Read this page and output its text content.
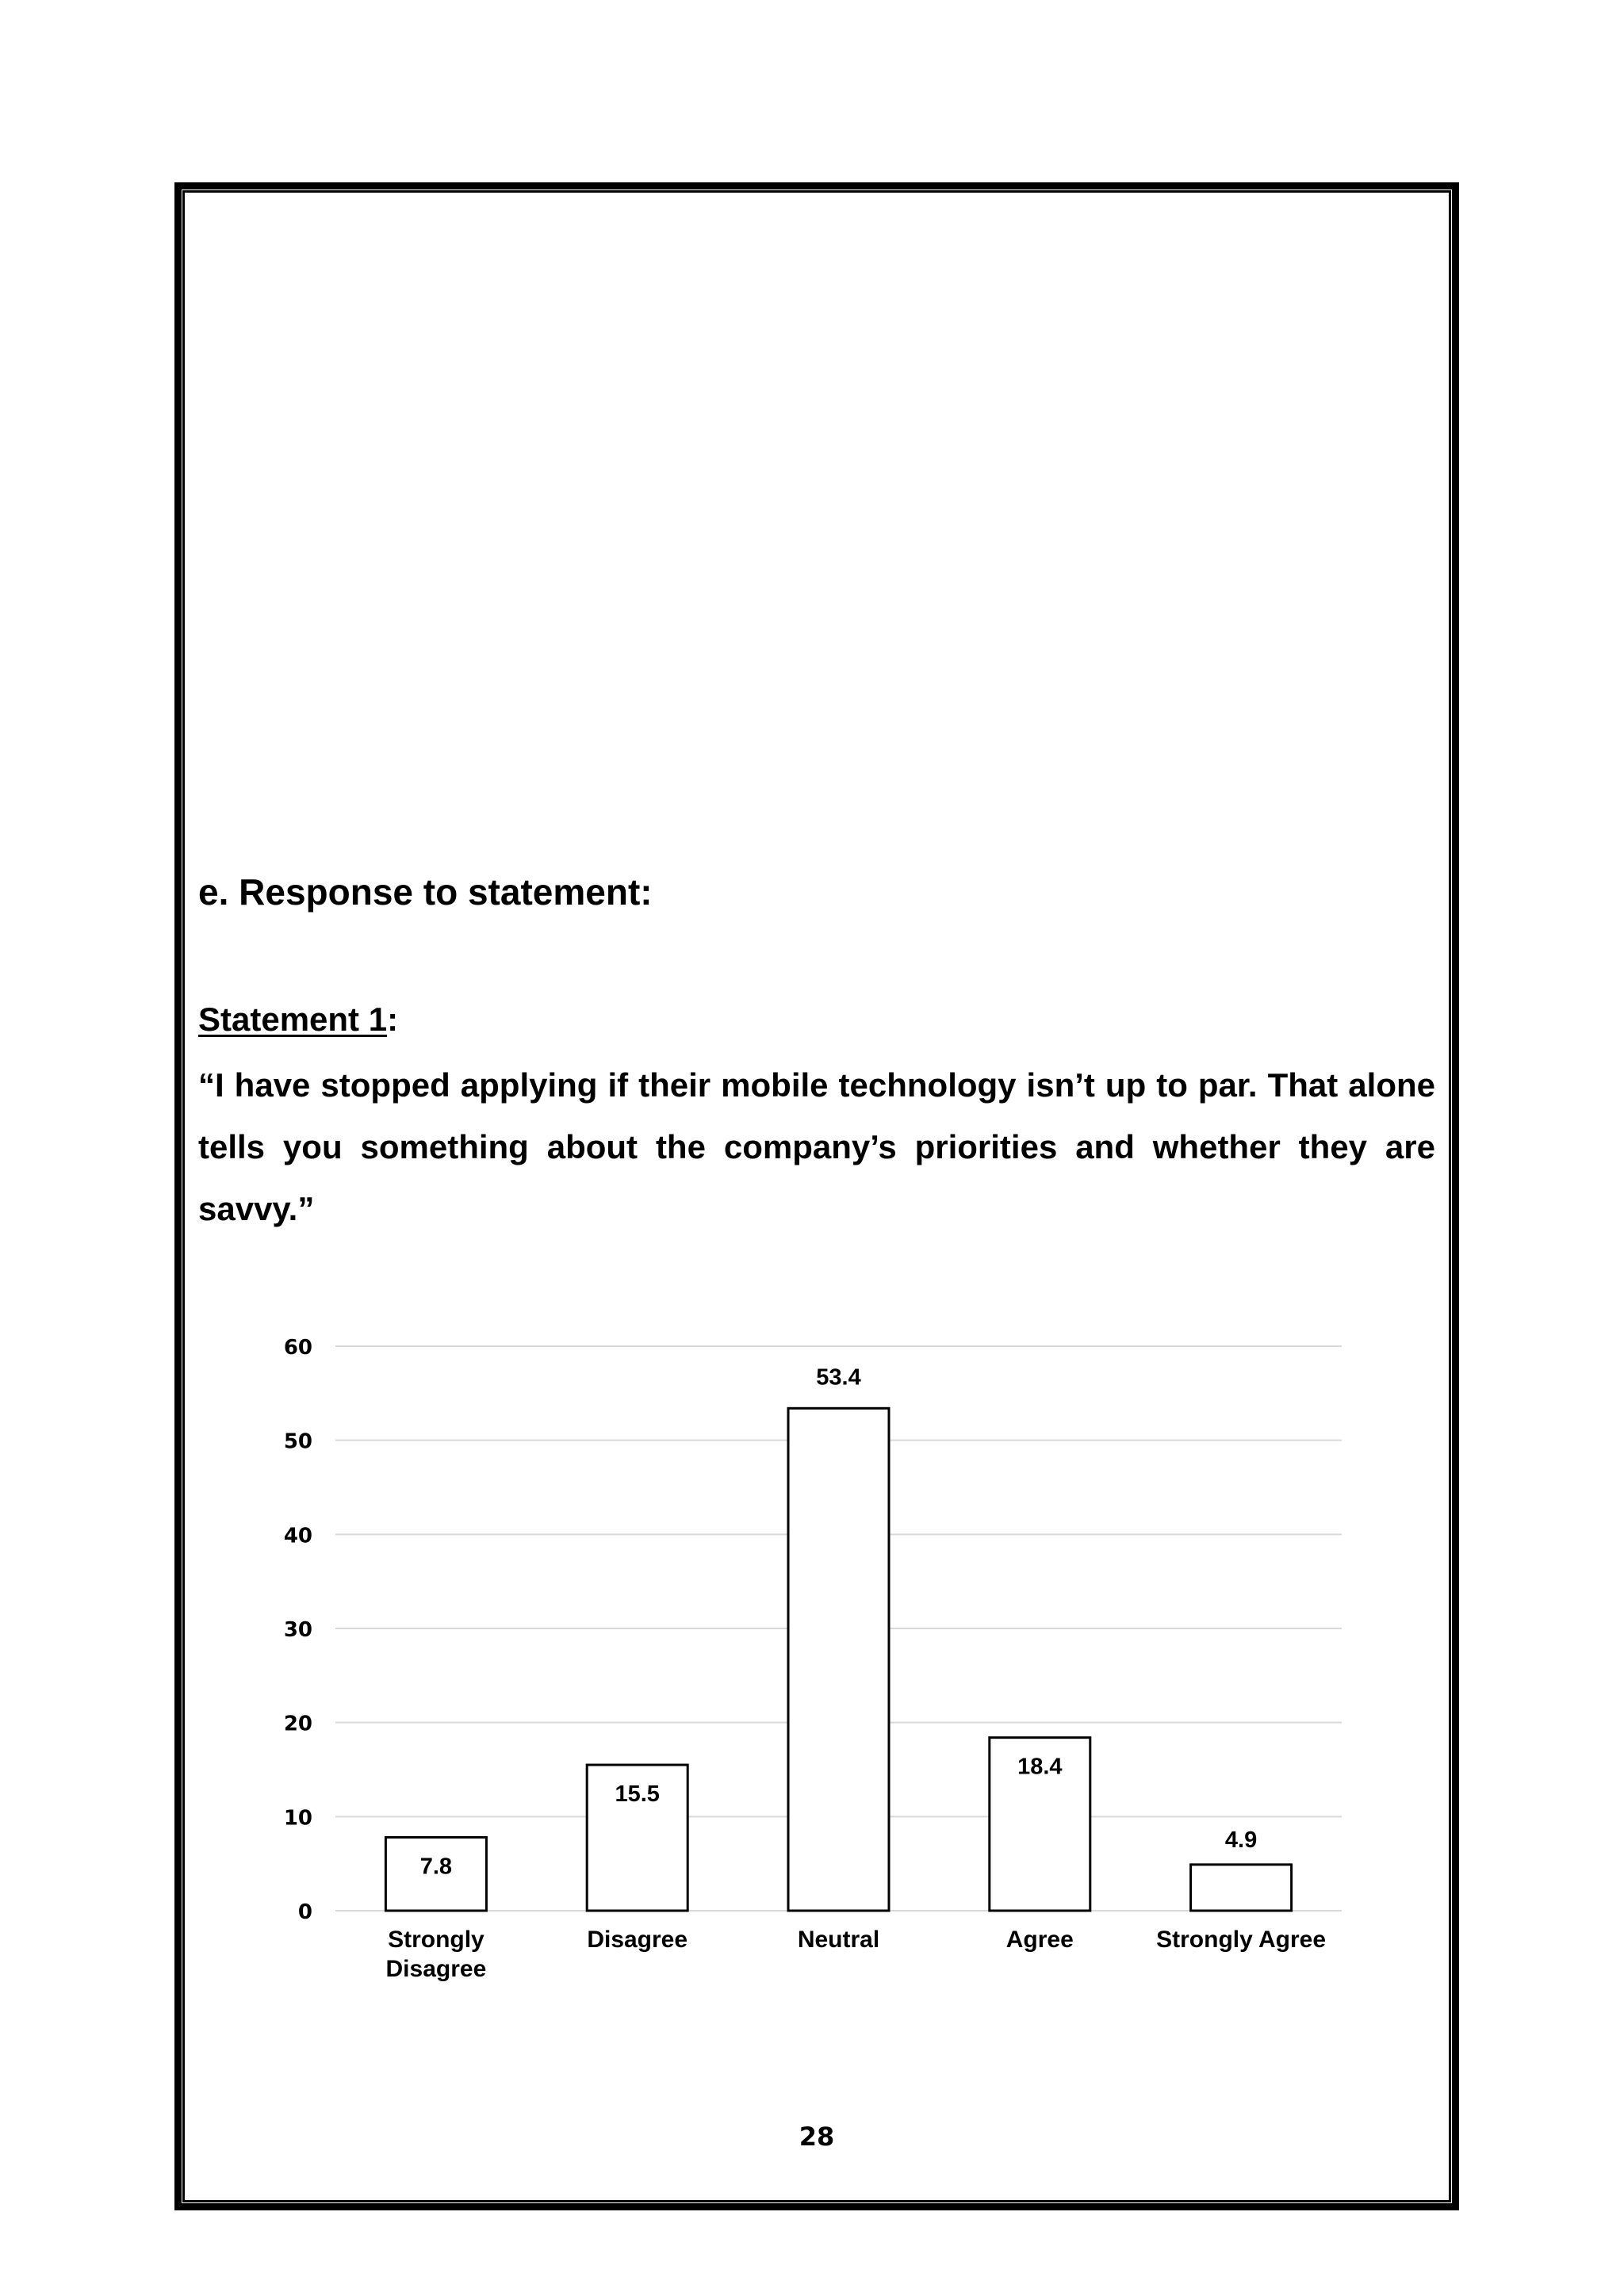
e. Response to statement:
Statement 1:
“I have stopped applying if their mobile technology isn’t up to par. That alone tells you something about the company’s priorities and whether they are savvy.”
0
10
20
30
40
50
60
7.8
15.5
53.4
18.4
4.9
Strongly
Disagree
Disagree	Neutral	Agree	Strongly Agree
28
